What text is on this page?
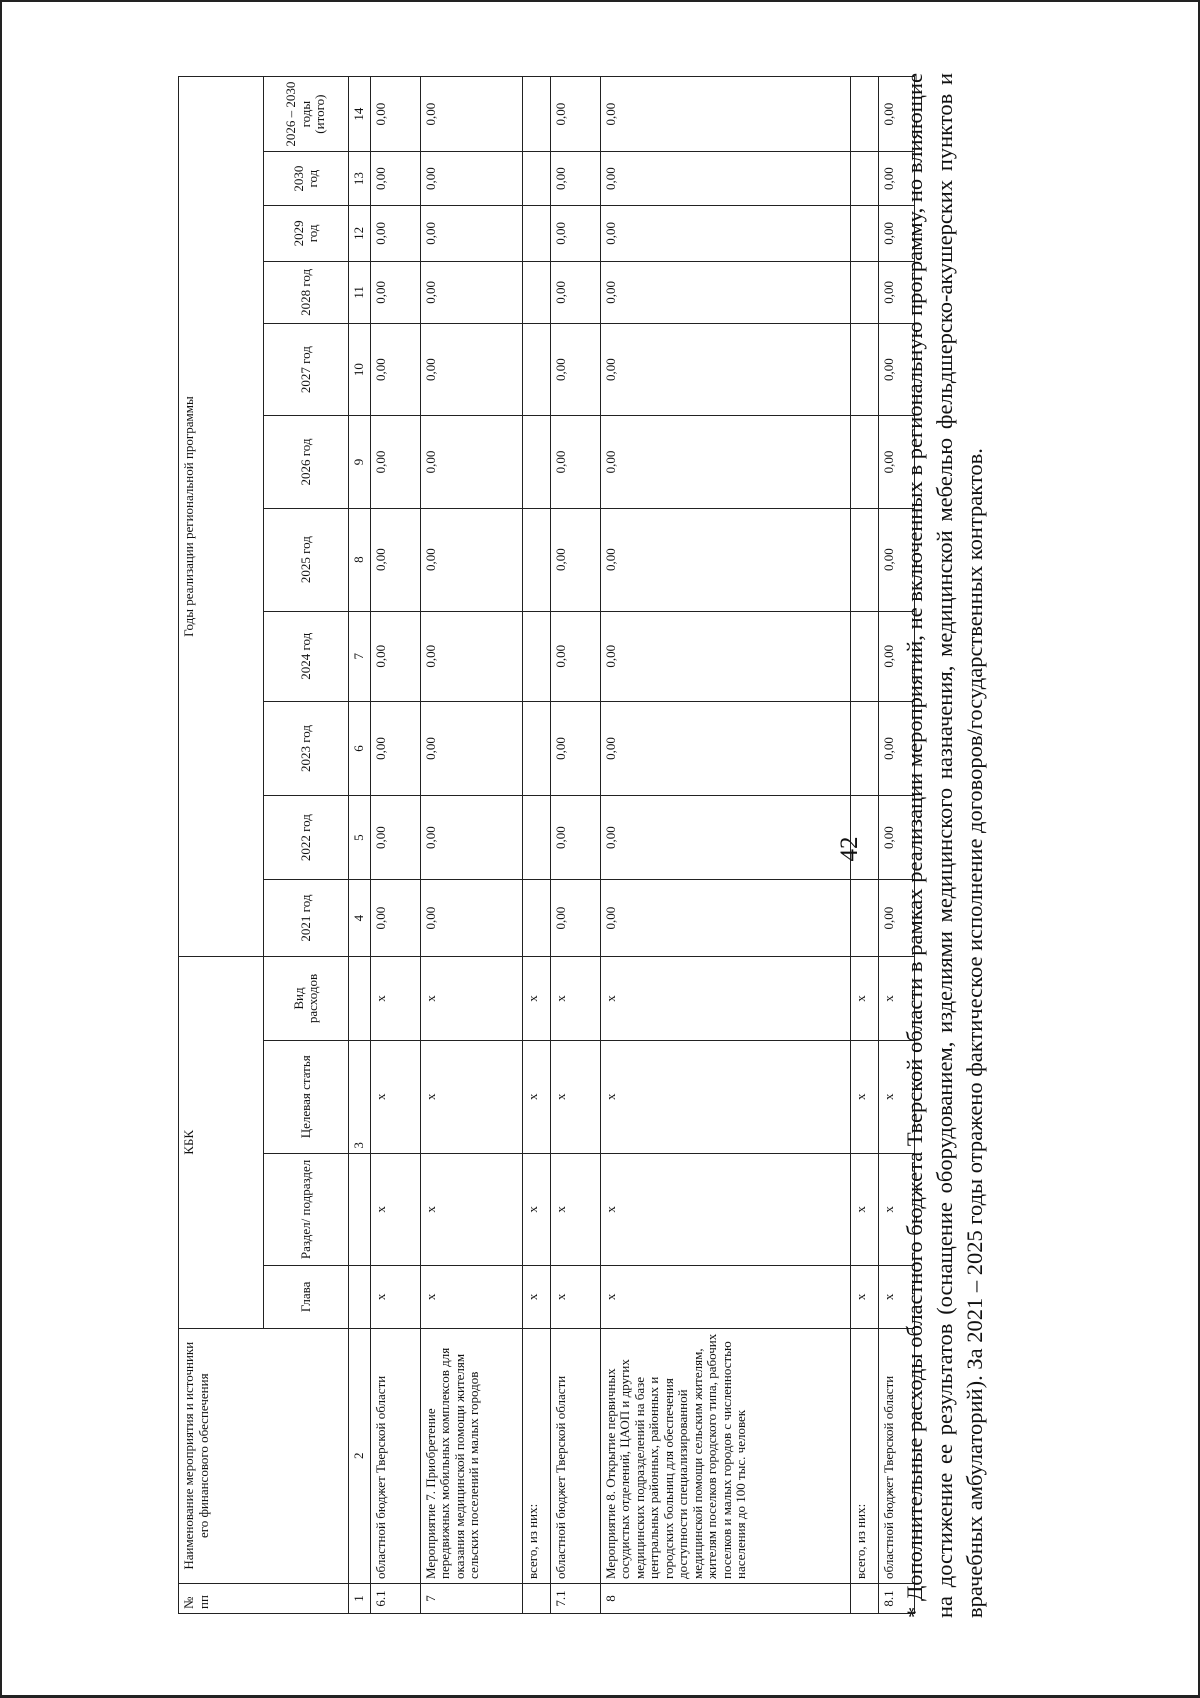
№ пп	Наименование мероприятия и источники его финансового обеспечения	КБК				Годы реализации региональной программы										
		Глава	Раздел/ подраздел	Целевая статья	Вид расходов	2021 год	2022 год	2023 год	2024 год	2025 год	2026 год	2027 год	2028 год	2029 год	2030 год	2026 – 2030 годы (итого)
1	2			3		4	5	6	7	8	9	10	11	12	13	14
6.1	областной бюджет Тверской области	х	х	х	х	0,00	0,00	0,00	0,00	0,00	0,00	0,00	0,00	0,00	0,00	0,00
7	Мероприятие 7. Приобретение передвижных мобильных комплексов для оказания медицинской помощи жителям сельских поселений и малых городов	х	х	х	х	0,00	0,00	0,00	0,00	0,00	0,00	0,00	0,00	0,00	0,00	0,00
	всего, из них:	х	х	х	х											
7.1	областной бюджет Тверской области	х	х	х	х	0,00	0,00	0,00	0,00	0,00	0,00	0,00	0,00	0,00	0,00	0,00
8	Мероприятие 8. Открытие первичных сосудистых отделений, ЦАОП и других медицинских подразделений на базе центральных районных, районных и городских больниц для обеспечения доступности специализированной медицинской помощи сельским жителям, жителям поселков городского типа, рабочих поселков и малых городов с численностью населения до 100 тыс. человек	х	х	х	х	0,00	0,00	0,00	0,00	0,00	0,00	0,00	0,00	0,00	0,00	0,00
	всего, из них:	х	х	х	х											
8.1	областной бюджет Тверской области	х	х	х	х	0,00	0,00	0,00	0,00	0,00	0,00	0,00	0,00	0,00	0,00	0,00
42 * Дополнительные расходы областного бюджета Тверской области в рамках реализации мероприятий, не включенных в региональную программу, но влияющие на достижение ее результатов (оснащение оборудованием, изделиями медицинского назначения, медицинской мебелью фельдшерско-акушерских пунктов и врачебных амбулаторий). За 2021 – 2025 годы отражено фактическое исполнение договоров/государственных контрактов.
